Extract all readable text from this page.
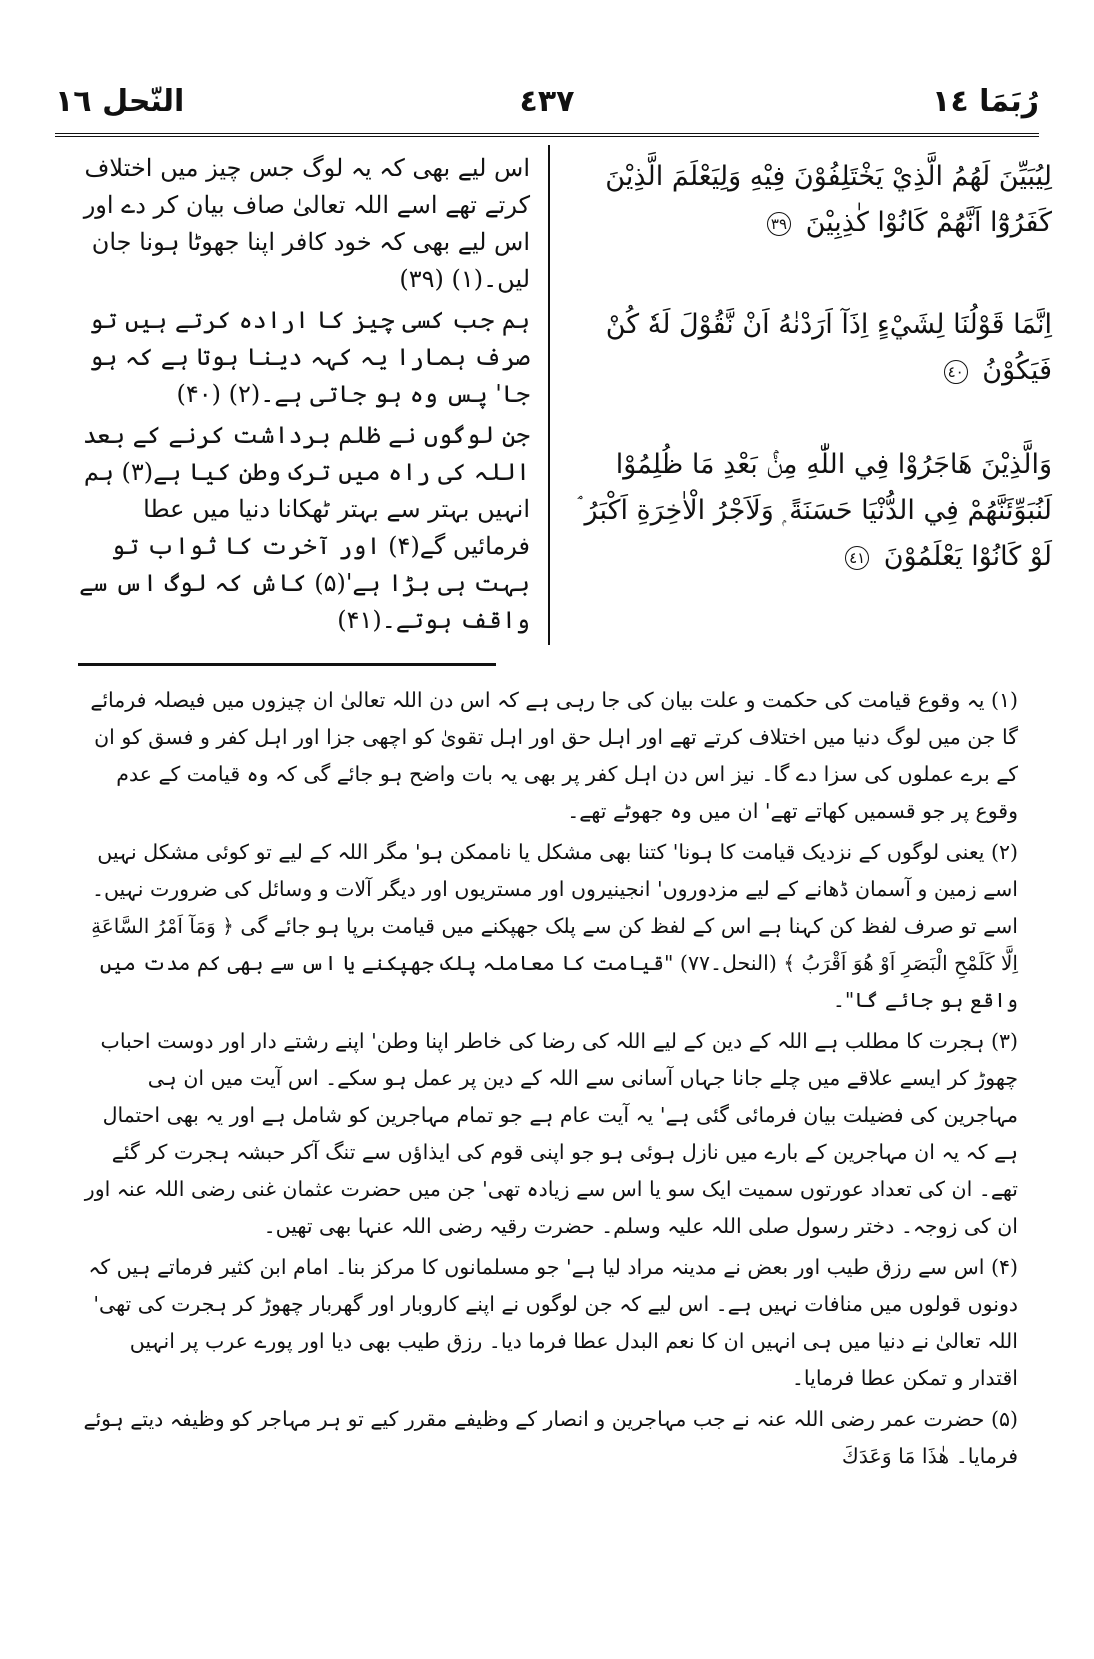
النّحل ١٦	٤٣٧	رُبَمَا ١٤
لِيُبَيِّنَ لَهُمُ الَّذِيْ يَخْتَلِفُوْنَ فِيْهِ وَلِيَعْلَمَ الَّذِيْنَ كَفَرُوْٓا اَنَّهُمْ كَانُوْا كٰذِبِيْنَ ٣٩
اِنَّمَا قَوْلُنَا لِشَيْءٍ اِذَآ اَرَدْنٰهُ اَنْ نَّقُوْلَ لَهٗ كُنْ فَيَكُوْنُ ٤٠
وَالَّذِيْنَ هَاجَرُوْا فِي اللّٰهِ مِنْۢ بَعْدِ مَا ظُلِمُوْا لَنُبَوِّئَنَّهُمْ فِي الدُّنْيَا حَسَنَةً ۭ وَلَاَجْرُ الْاٰخِرَةِ اَكْبَرُ ۘ لَوْ كَانُوْا يَعْلَمُوْنَ ٤١

اس لیے بھی کہ یہ لوگ جس چیز میں اختلاف کرتے تھے اسے اللہ تعالیٰ صاف بیان کر دے اور اس لیے بھی کہ خود کافر اپنا جھوٹا ہونا جان لیں۔(۱) (۳۹)

ہم جب کسی چیز کا ارادہ کرتے ہیں تو صرف ہمارا یہ کہہ دینا ہوتا ہے کہ ہو جا' پس وہ ہو جاتی ہے۔(۲) (۴۰)

جن لوگوں نے ظلم برداشت کرنے کے بعد اللہ کی راہ میں ترک وطن کیا ہے(۳) ہم انہیں بہتر سے بہتر ٹھکانا دنیا میں عطا فرمائیں گے(۴) اور آخرت کا ثواب تو بہت ہی بڑا ہے'(۵) کاش کہ لوگ اس سے واقف ہوتے۔(۴۱)

(۱) یہ وقوع قیامت کی حکمت و علت بیان کی جا رہی ہے کہ اس دن اللہ تعالیٰ ان چیزوں میں فیصلہ فرمائے گا جن میں لوگ دنیا میں اختلاف کرتے تھے اور اہل حق اور اہل تقویٰ کو اچھی جزا اور اہل کفر و فسق کو ان کے برے عملوں کی سزا دے گا۔ نیز اس دن اہل کفر پر بھی یہ بات واضح ہو جائے گی کہ وہ قیامت کے عدم وقوع پر جو قسمیں کھاتے تھے' ان میں وہ جھوٹے تھے۔

(۲) یعنی لوگوں کے نزدیک قیامت کا ہونا' کتنا بھی مشکل یا ناممکن ہو' مگر اللہ کے لیے تو کوئی مشکل نہیں اسے زمین و آسمان ڈھانے کے لیے مزدوروں' انجینیروں اور مستریوں اور دیگر آلات و وسائل کی ضرورت نہیں۔ اسے تو صرف لفظ کن کہنا ہے اس کے لفظ کن سے پلک جھپکنے میں قیامت برپا ہو جائے گی ﴿ وَمَآ اَمْرُ السَّاعَةِ اِلَّا كَلَمْحِ الْبَصَرِ اَوْ هُوَ اَقْرَبُ ﴾ (النحل۔۷۷) "قیامت کا معاملہ پلک جھپکنے یا اس سے بھی کم مدت میں واقع ہو جائے گا"۔

(۳) ہجرت کا مطلب ہے اللہ کے دین کے لیے اللہ کی رضا کی خاطر اپنا وطن' اپنے رشتے دار اور دوست احباب چھوڑ کر ایسے علاقے میں چلے جانا جہاں آسانی سے اللہ کے دین پر عمل ہو سکے۔ اس آیت میں ان ہی مہاجرین کی فضیلت بیان فرمائی گئی ہے' یہ آیت عام ہے جو تمام مہاجرین کو شامل ہے اور یہ بھی احتمال ہے کہ یہ ان مہاجرین کے بارے میں نازل ہوئی ہو جو اپنی قوم کی ایذاؤں سے تنگ آکر حبشہ ہجرت کر گئے تھے۔ ان کی تعداد عورتوں سمیت ایک سو یا اس سے زیادہ تھی' جن میں حضرت عثمان غنی رضی اللہ عنہ اور ان کی زوجہ۔ دختر رسول صلی اللہ علیہ وسلم۔ حضرت رقیہ رضی اللہ عنہا بھی تھیں۔

(۴) اس سے رزق طیب اور بعض نے مدینہ مراد لیا ہے' جو مسلمانوں کا مرکز بنا۔ امام ابن کثیر فرماتے ہیں کہ دونوں قولوں میں منافات نہیں ہے۔ اس لیے کہ جن لوگوں نے اپنے کاروبار اور گھربار چھوڑ کر ہجرت کی تھی' اللہ تعالیٰ نے دنیا میں ہی انہیں ان کا نعم البدل عطا فرما دیا۔ رزق طیب بھی دیا اور پورے عرب پر انہیں اقتدار و تمکن عطا فرمایا۔

(۵) حضرت عمر رضی اللہ عنہ نے جب مہاجرین و انصار کے وظیفے مقرر کیے تو ہر مہاجر کو وظیفہ دیتے ہوئے فرمایا۔ هٰذَا مَا وَعَدَكَ
